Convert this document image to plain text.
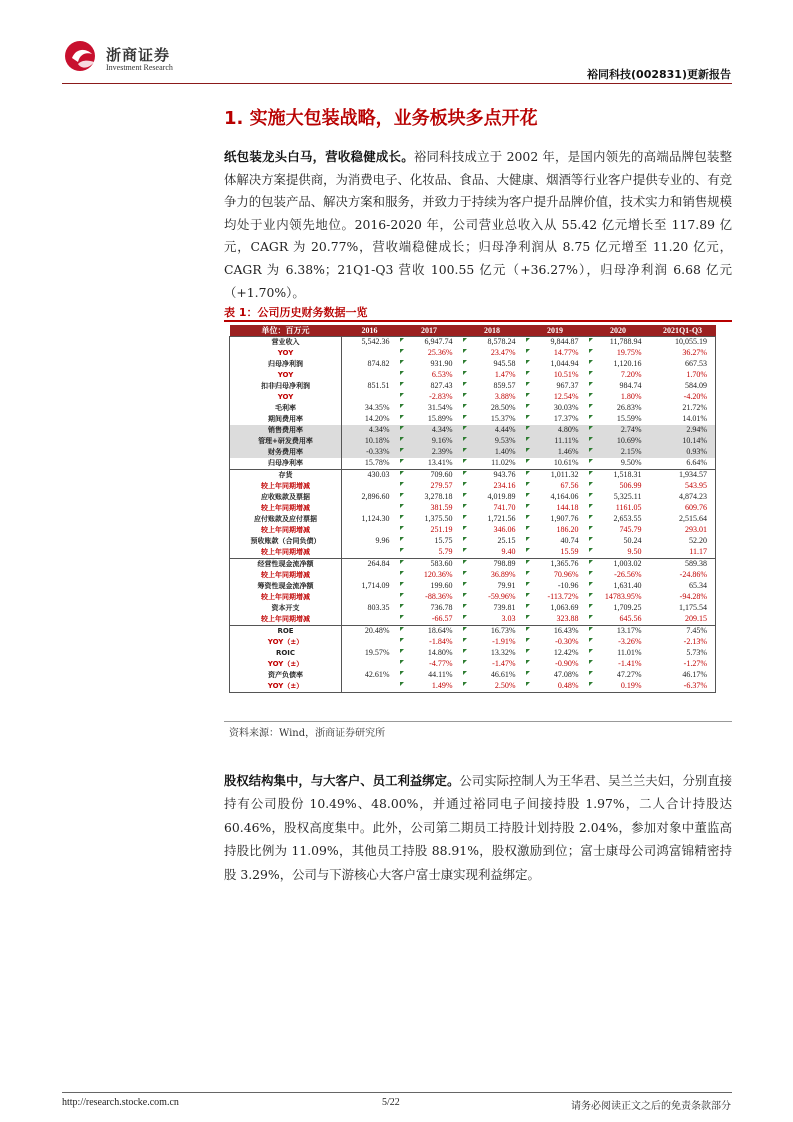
浙商证券
Investment Research
裕同科技(002831)更新报告
1. 实施大包装战略，业务板块多点开花

纸包装龙头白马，营收稳健成长。裕同科技成立于 2002 年，是国内领先的高端品牌包装整体解决方案提供商，为消费电子、化妆品、食品、大健康、烟酒等行业客户提供专业的、有竞争力的包装产品、解决方案和服务，并致力于持续为客户提升品牌价值，技术实力和销售规模均处于业内领先地位。2016-2020 年，公司营业总收入从 55.42 亿元增长至 117.89 亿元，CAGR 为 20.77%，营收端稳健成长；归母净利润从 8.75 亿元增至 11.20 亿元，CAGR 为 6.38%；21Q1-Q3 营收 100.55 亿元（+36.27%），归母净利润 6.68 亿元（+1.70%）。

表 1：公司历史财务数据一览
单位：百万元	2016	2017	2018	2019	2020	2021Q1-Q3
营业收入	5,542.36	6,947.74	8,578.24	9,844.87	11,788.94	10,055.19
YOY		25.36%	23.47%	14.77%	19.75%	36.27%
归母净利润	874.82	931.90	945.58	1,044.94	1,120.16	667.53
YOY		6.53%	1.47%	10.51%	7.20%	1.70%
扣非归母净利润	851.51	827.43	859.57	967.37	984.74	584.09
YOY		-2.83%	3.88%	12.54%	1.80%	-4.20%
毛利率	34.35%	31.54%	28.50%	30.03%	26.83%	21.72%
期间费用率	14.20%	15.89%	15.37%	17.37%	15.59%	14.01%
销售费用率	4.34%	4.34%	4.44%	4.80%	2.74%	2.94%
管理+研发费用率	10.18%	9.16%	9.53%	11.11%	10.69%	10.14%
财务费用率	-0.33%	2.39%	1.40%	1.46%	2.15%	0.93%
归母净利率	15.78%	13.41%	11.02%	10.61%	9.50%	6.64%
存货	430.03	709.60	943.76	1,011.32	1,518.31	1,934.57
较上年同期增减		279.57	234.16	67.56	506.99	543.95
应收账款及票据	2,896.60	3,278.18	4,019.89	4,164.06	5,325.11	4,874.23
较上年同期增减		381.59	741.70	144.18	1161.05	609.76
应付账款及应付票据	1,124.30	1,375.50	1,721.56	1,907.76	2,653.55	2,515.64
较上年同期增减		251.19	346.06	186.20	745.79	293.01
预收账款（合同负债）	9.96	15.75	25.15	40.74	50.24	52.20
较上年同期增减		5.79	9.40	15.59	9.50	11.17
经营性现金流净额	264.84	583.60	798.89	1,365.76	1,003.02	589.38
较上年同期增减		120.36%	36.89%	70.96%	-26.56%	-24.86%
筹资性现金流净额	1,714.09	199.60	79.91	-10.96	1,631.40	65.34
较上年同期增减		-88.36%	-59.96%	-113.72%	14783.95%	-94.28%
资本开支	803.35	736.78	739.81	1,063.69	1,709.25	1,175.54
较上年同期增减		-66.57	3.03	323.88	645.56	209.15
ROE	20.48%	18.64%	16.73%	16.43%	13.17%	7.45%
YOY（±）		-1.84%	-1.91%	-0.30%	-3.26%	-2.13%
ROIC	19.57%	14.80%	13.32%	12.42%	11.01%	5.73%
YOY（±）		-4.77%	-1.47%	-0.90%	-1.41%	-1.27%
资产负债率	42.61%	44.11%	46.61%	47.08%	47.27%	46.17%
YOY（±）		1.49%	2.50%	0.48%	0.19%	-6.37%
资料来源：Wind，浙商证券研究所

股权结构集中，与大客户、员工利益绑定。公司实际控制人为王华君、吴兰兰夫妇，分别直接持有公司股份 10.49%、48.00%，并通过裕同电子间接持股 1.97%，二人合计持股达 60.46%，股权高度集中。此外，公司第二期员工持股计划持股 2.04%，参加对象中董监高持股比例为 11.09%，其他员工持股 88.91%，股权激励到位；富士康母公司鸿富锦精密持股 3.29%，公司与下游核心大客户富士康实现利益绑定。

http://research.stocke.com.cn	5/22	请务必阅读正文之后的免责条款部分
